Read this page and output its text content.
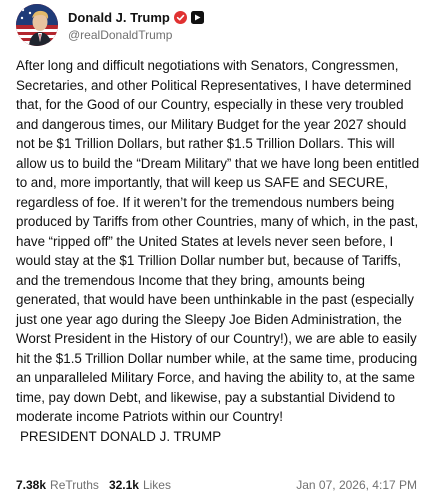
Donald J. Trump
@realDonaldTrump

After long and difficult negotiations with Senators, Congressmen, Secretaries, and other Political Representatives, I have determined that, for the Good of our Country, especially in these very troubled and dangerous times, our Military Budget for the year 2027 should not be $1 Trillion Dollars, but rather $1.5 Trillion Dollars. This will allow us to build the “Dream Military” that we have long been entitled to and, more importantly, that will keep us SAFE and SECURE, regardless of foe. If it weren’t for the tremendous numbers being produced by Tariffs from other Countries, many of which, in the past, have “ripped off” the United States at levels never seen before, I would stay at the $1 Trillion Dollar number but, because of Tariffs, and the tremendous Income that they bring, amounts being generated, that would have been unthinkable in the past (especially just one year ago during the Sleepy Joe Biden Administration, the Worst President in the History of our Country!), we are able to easily hit the $1.5 Trillion Dollar number while, at the same time, producing an unparalleled Military Force, and having the ability to, at the same time, pay down Debt, and likewise, pay a substantial Dividend to moderate income Patriots within our Country!

PRESIDENT DONALD J. TRUMP

7.38k ReTruths 32.1k Likes	Jan 07, 2026, 4:17 PM
